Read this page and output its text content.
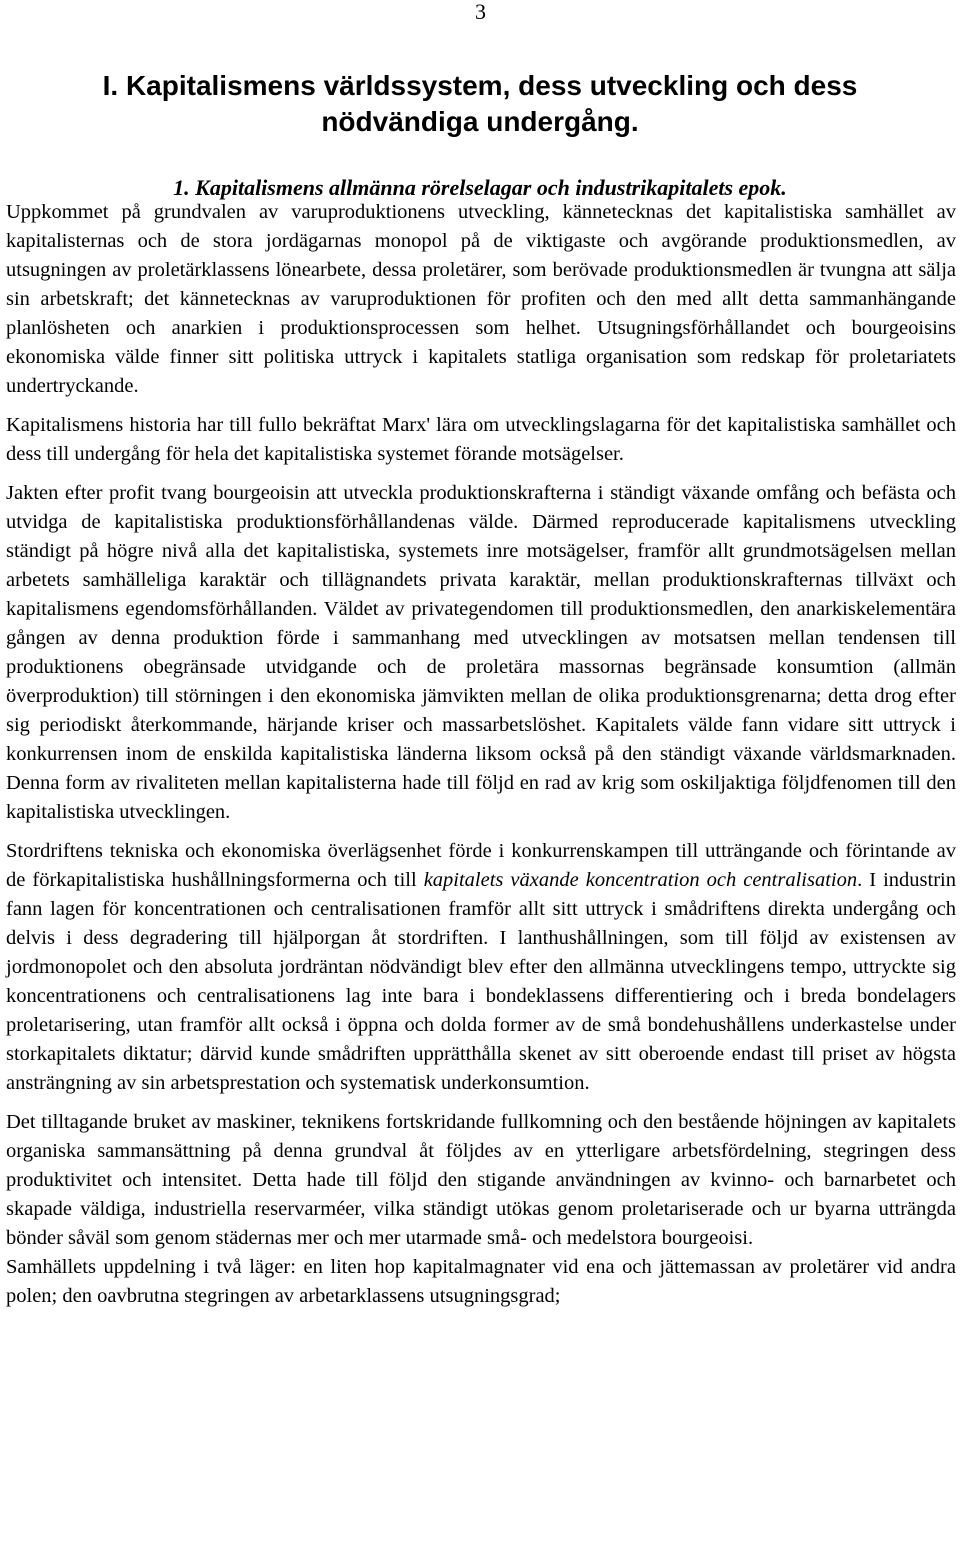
3
I. Kapitalismens världssystem, dess utveckling och dess nödvändiga undergång.
1. Kapitalismens allmänna rörelselagar och industrikapitalets epok.

Uppkommet på grundvalen av varuproduktionens utveckling, kännetecknas det kapitalistiska samhället av kapitalisternas och de stora jordägarnas monopol på de viktigaste och avgörande produktionsmedlen, av utsugningen av proletärklassens lönearbete, dessa proletärer, som berövade produktionsmedlen är tvungna att sälja sin arbetskraft; det kännetecknas av varuproduktionen för profiten och den med allt detta sammanhängande planlösheten och anarkien i produktionsprocessen som helhet. Utsugningsförhållandet och bourgeoisins ekonomiska välde finner sitt politiska uttryck i kapitalets statliga organisation som redskap för proletariatets undertryckande.

Kapitalismens historia har till fullo bekräftat Marx' lära om utvecklingslagarna för det kapitalistiska samhället och dess till undergång för hela det kapitalistiska systemet förande motsägelser.

Jakten efter profit tvang bourgeoisin att utveckla produktionskrafterna i ständigt växande omfång och befästa och utvidga de kapitalistiska produktionsförhållandenas välde. Därmed reproducerade kapitalismens utveckling ständigt på högre nivå alla det kapitalistiska, systemets inre motsägelser, framför allt grundmotsägelsen mellan arbetets samhälleliga karaktär och tillägnandets privata karaktär, mellan produktionskrafternas tillväxt och kapitalismens egendomsförhållanden. Väldet av privategendomen till produktionsmedlen, den anarkiskelementära gången av denna produktion förde i sammanhang med utvecklingen av motsatsen mellan tendensen till produktionens obegränsade utvidgande och de proletära massornas begränsade konsumtion (allmän överproduktion) till störningen i den ekonomiska jämvikten mellan de olika produktionsgrenarna; detta drog efter sig periodiskt återkommande, härjande kriser och massarbetslöshet. Kapitalets välde fann vidare sitt uttryck i konkurrensen inom de enskilda kapitalistiska länderna liksom också på den ständigt växande världsmarknaden. Denna form av rivaliteten mellan kapitalisterna hade till följd en rad av krig som oskiljaktiga följdfenomen till den kapitalistiska utvecklingen.

Stordriftens tekniska och ekonomiska överlägsenhet förde i konkurrenskampen till utträngande och förintande av de förkapitalistiska hushållningsformerna och till kapitalets växande koncentration och centralisation. I industrin fann lagen för koncentrationen och centralisationen framför allt sitt uttryck i smådriftens direkta undergång och delvis i dess degradering till hjälporgan åt stordriften. I lanthushållningen, som till följd av existensen av jordmonopolet och den absoluta jordräntan nödvändigt blev efter den allmänna utvecklingens tempo, uttryckte sig koncentrationens och centralisationens lag inte bara i bondeklassens differentiering och i breda bondelagers proletarisering, utan framför allt också i öppna och dolda former av de små bondehushållens underkastelse under storkapitalets diktatur; därvid kunde smådriften upprätthålla skenet av sitt oberoende endast till priset av högsta ansträngning av sin arbetsprestation och systematisk underkonsumtion.

Det tilltagande bruket av maskiner, teknikens fortskridande fullkomning och den bestående höjningen av kapitalets organiska sammansättning på denna grundval åt följdes av en ytterligare arbetsfördelning, stegringen dess produktivitet och intensitet. Detta hade till följd den stigande användningen av kvinno- och barnarbetet och skapade väldiga, industriella reservarméer, vilka ständigt utökas genom proletariserade och ur byarna utträngda bönder såväl som genom städernas mer och mer utarmade små- och medelstora bourgeoisi.

Samhällets uppdelning i två läger: en liten hop kapitalmagnater vid ena och jättemassan av proletärer vid andra polen; den oavbrutna stegringen av arbetarklassens utsugningsgrad;
